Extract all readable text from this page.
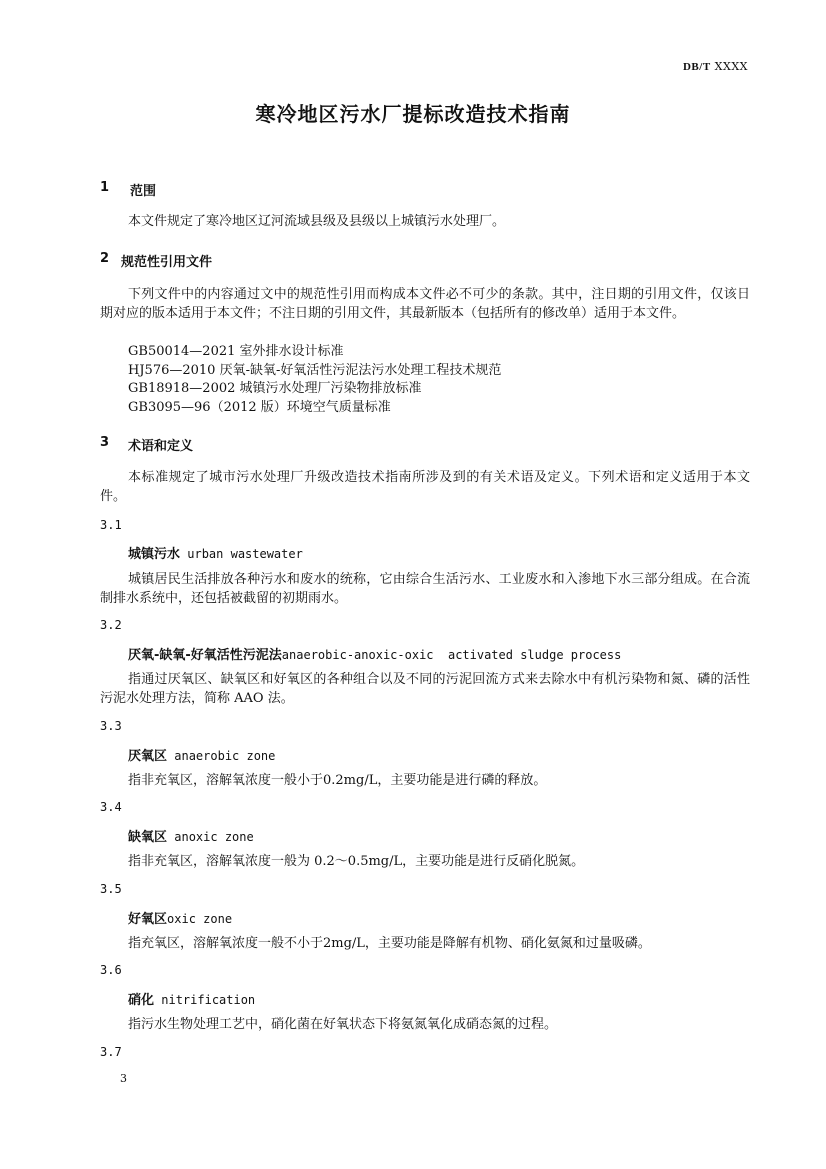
DB/T XXXX
寒冷地区污水厂提标改造技术指南
1 范围
本文件规定了寒冷地区辽河流域县级及县级以上城镇污水处理厂。
2 规范性引用文件
下列文件中的内容通过文中的规范性引用而构成本文件必不可少的条款。其中，注日期的引用文件，仅该日期对应的版本适用于本文件；不注日期的引用文件，其最新版本（包括所有的修改单）适用于本文件。
GB50014—2021 室外排水设计标准
HJ576—2010 厌氧-缺氧-好氧活性污泥法污水处理工程技术规范
GB18918—2002 城镇污水处理厂污染物排放标准
GB3095—96（2012 版）环境空气质量标准
3 术语和定义
本标准规定了城市污水处理厂升级改造技术指南所涉及到的有关术语及定义。下列术语和定义适用于本文件。
3.1
城镇污水 urban wastewater
城镇居民生活排放各种污水和废水的统称，它由综合生活污水、工业废水和入渗地下水三部分组成。在合流制排水系统中，还包括被截留的初期雨水。
3.2
厌氧-缺氧-好氧活性污泥法anaerobic-anoxic-oxic  activated sludge process
指通过厌氧区、缺氧区和好氧区的各种组合以及不同的污泥回流方式来去除水中有机污染物和氮、磷的活性污泥水处理方法，简称 AAO 法。
3.3
厌氧区 anaerobic zone
指非充氧区，溶解氧浓度一般小于0.2mg/L，主要功能是进行磷的释放。
3.4
缺氧区 anoxic zone
指非充氧区，溶解氧浓度一般为 0.2～0.5mg/L，主要功能是进行反硝化脱氮。
3.5
好氧区oxic zone
指充氧区，溶解氧浓度一般不小于2mg/L，主要功能是降解有机物、硝化氨氮和过量吸磷。
3.6
硝化 nitrification
指污水生物处理工艺中，硝化菌在好氧状态下将氨氮氧化成硝态氮的过程。
3.7
3
